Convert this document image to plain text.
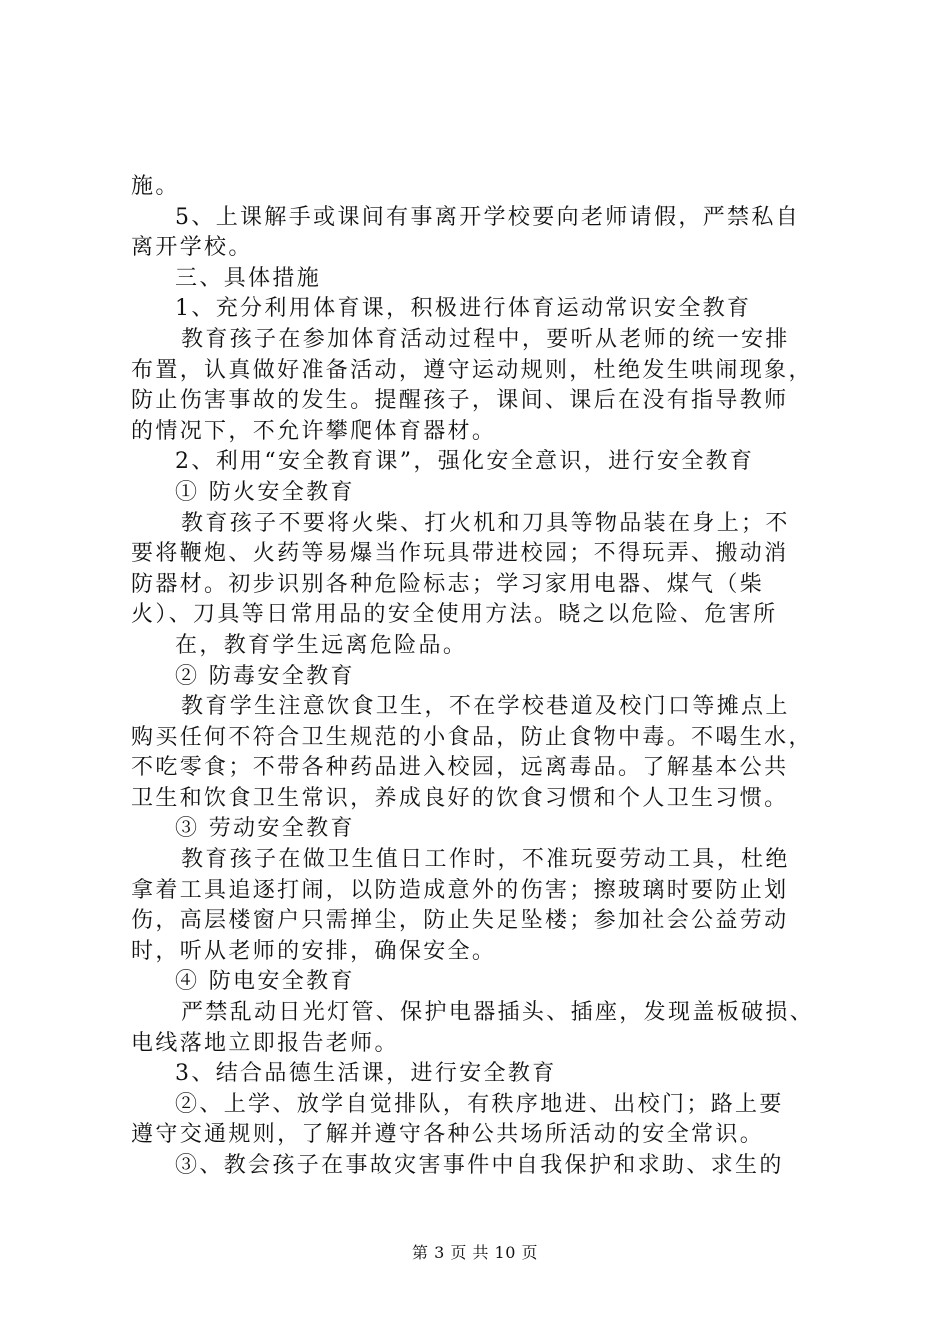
施。
5、上课解手或课间有事离开学校要向老师请假，严禁私自
离开学校。
三、具体措施
1、充分利用体育课，积极进行体育运动常识安全教育
教育孩子在参加体育活动过程中，要听从老师的统一安排
布置，认真做好准备活动，遵守运动规则，杜绝发生哄闹现象，
防止伤害事故的发生。提醒孩子，课间、课后在没有指导教师
的情况下，不允许攀爬体育器材。
2、利用“安全教育课”，强化安全意识，进行安全教育
① 防火安全教育
教育孩子不要将火柴、打火机和刀具等物品装在身上；不
要将鞭炮、火药等易爆当作玩具带进校园；不得玩弄、搬动消
防器材。初步识别各种危险标志；学习家用电器、煤气（柴
火）、刀具等日常用品的安全使用方法。晓之以危险、危害所
在，教育学生远离危险品。
② 防毒安全教育
教育学生注意饮食卫生，不在学校巷道及校门口等摊点上
购买任何不符合卫生规范的小食品，防止食物中毒。不喝生水，
不吃零食；不带各种药品进入校园，远离毒品。了解基本公共
卫生和饮食卫生常识，养成良好的饮食习惯和个人卫生习惯。
③ 劳动安全教育
教育孩子在做卫生值日工作时，不准玩耍劳动工具，杜绝
拿着工具追逐打闹，以防造成意外的伤害；擦玻璃时要防止划
伤，高层楼窗户只需掸尘，防止失足坠楼；参加社会公益劳动
时，听从老师的安排，确保安全。
④ 防电安全教育
严禁乱动日光灯管、保护电器插头、插座，发现盖板破损、
电线落地立即报告老师。
3、结合品德生活课，进行安全教育
②、上学、放学自觉排队，有秩序地进、出校门；路上要
遵守交通规则，了解并遵守各种公共场所活动的安全常识。
③、教会孩子在事故灾害事件中自我保护和求助、求生的
第 3 页 共 10 页
